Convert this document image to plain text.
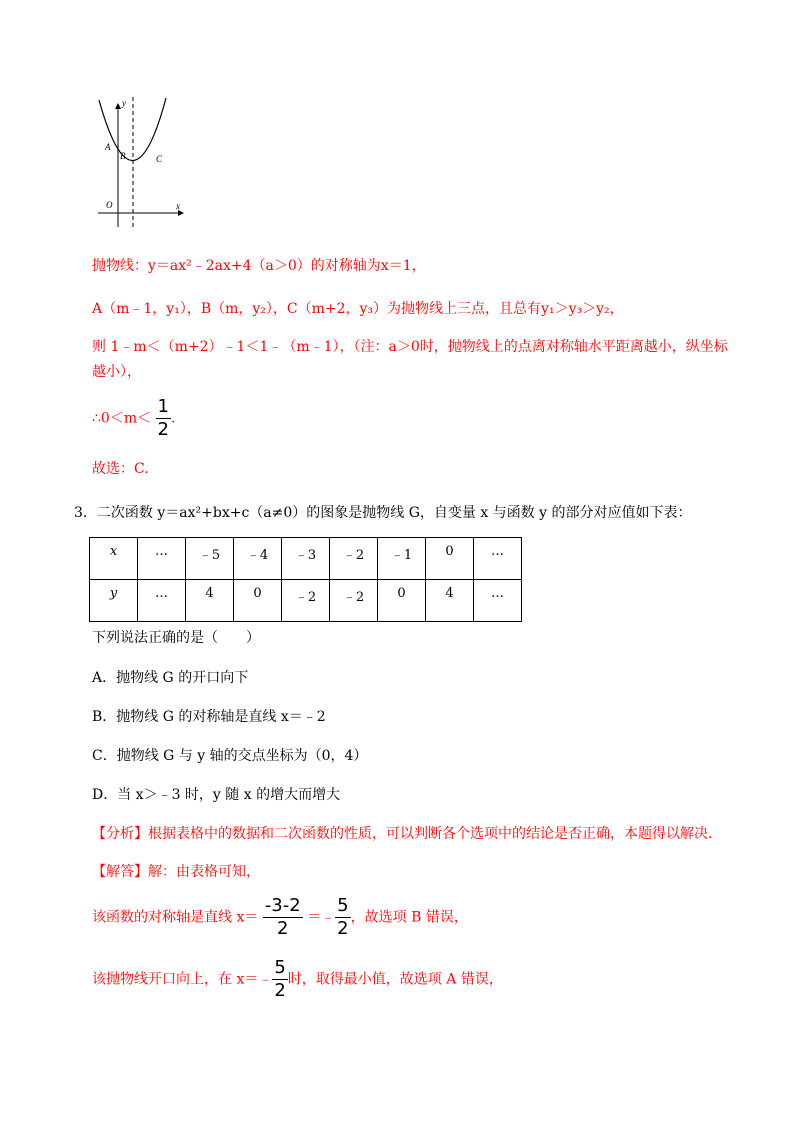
y
x
O
A
B	C
抛物线：y＝ax²﹣2ax+4（a＞0）的对称轴为x＝1，
A（m﹣1，y₁），B（m，y₂），C（m+2，y₃）为抛物线上三点，且总有y₁＞y₃＞y₂，
则 1﹣m＜（m+2）﹣1＜1﹣（m﹣1），（注：a＞0时，抛物线上的点离对称轴水平距离越小，纵坐标
越小），
∴0＜m＜ $\frac{1}{2}$ .
故选：C.
3．二次函数 y＝ax²+bx+c（a≠0）的图象是抛物线 G，自变量 x 与函数 y 的部分对应值如下表：
x	…	﹣5	﹣4	﹣3	﹣2	﹣1	0	…
y	…	4	0	﹣2	﹣2	0	4	…
下列说法正确的是（　　）
A．抛物线 G 的开口向下
B．抛物线 G 的对称轴是直线 x＝﹣2
C．抛物线 G 与 y 轴的交点坐标为（0，4）
D．当 x＞﹣3 时，y 随 x 的增大而增大
【分析】根据表格中的数据和二次函数的性质，可以判断各个选项中的结论是否正确，本题得以解决.
【解答】解：由表格可知，
该函数的对称轴是直线 $x= \frac{-3-2}{2}$ ＝﹣ $\frac{5}{2}$ ，故选项 B 错误，
该抛物线开口向上，在 x＝﹣ $\frac{5}{2}$ 时，取得最小值，故选项 A 错误，
